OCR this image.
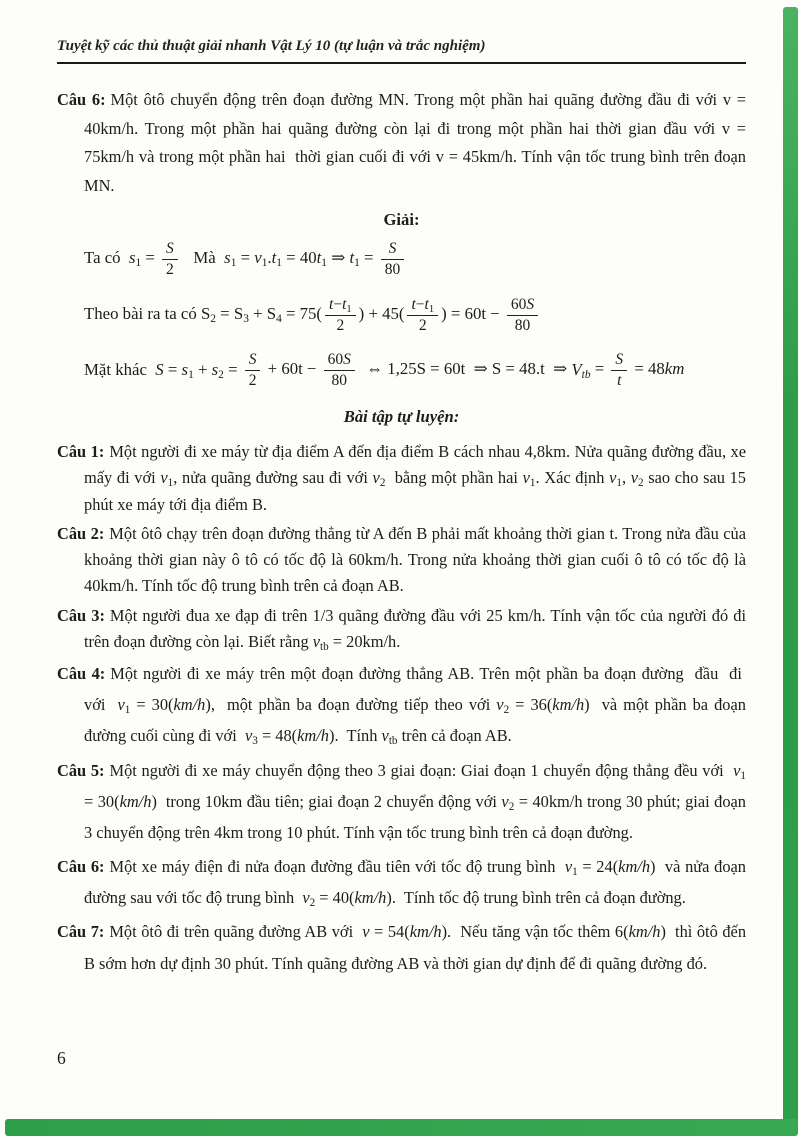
Tuyệt kỹ các thủ thuật giải nhanh Vật Lý 10 (tự luận và trắc nghiệm)

Câu 6: Một ôtô chuyển động trên đoạn đường MN. Trong một phần hai quãng đường đầu đi với v = 40km/h. Trong một phần hai quãng đường còn lại đi trong một phần hai thời gian đầu với v = 75km/h và trong một phần hai  thời gian cuối đi với v = 45km/h. Tính vận tốc trung bình trên đoạn MN.

Giải:
Ta có  $s_1 = \frac{S}{2}$ Mà  $s_1 = v_1.t_1 = 40t_1$ ⇒ $t_1 = \frac{S}{80}$
Theo bài ra ta có $S_2 = S_3 + S_4 = 75( \frac{t-t_1}{2}$ ) + $45( \frac{t-t_1}{2}$ ) = $60t - \frac{60S}{80}$
Mặt khác  $S = s_1 + s_2 = \frac{S}{2} + 60t - \frac{60S}{80}$ ⇔ 1,25S = 60t  ⇒ S = 48.t  ⇒ $V_{tb} = \frac{S}{t} = 48km$
Bài tập tự luyện:

Câu 1: Một người đi xe máy từ địa điểm A đến địa điểm B cách nhau 4,8km. Nửa quãng đường đầu, xe mấy đi với $v_1$, nửa quãng đường sau đi với $v_2$  bằng một phần hai $v_1$. Xác định $v_1$, $v_2$ sao cho sau 15 phút xe máy tới địa điểm B.

Câu 2: Một ôtô chạy trên đoạn đường thẳng từ A đến B phải mất khoảng thời gian t. Trong nửa đầu của khoảng thời gian này ô tô có tốc độ là 60km/h. Trong nửa khoảng thời gian cuối ô tô có tốc độ là 40km/h. Tính tốc độ trung bình trên cả đoạn AB.

Câu 3: Một người đua xe đạp đi trên 1/3 quãng đường đầu với 25 km/h. Tính vận tốc của người đó đi trên đoạn đường còn lại. Biết rằng $v_{tb} = 20km/h$.

Câu 4: Một người đi xe máy trên một đoạn đường thẳng AB. Trên một phần ba đoạn đường  đầu  đi  với  $v_1 = 30(km/h)$,  một phần ba đoạn đường tiếp theo với $v_2 = 36(km/h)$  và một phần ba đoạn đường cuối cùng đi với  $v_3 = 48(km/h)$.  Tính $v_{tb}$ trên cả đoạn AB.

Câu 5: Một người đi xe máy chuyển động theo 3 giai đoạn: Giai đoạn 1 chuyển động thẳng đều với  $v_1 = 30(km/h)$  trong 10km đầu tiên; giai đoạn 2 chuyển động với $v_2 = 40km/h$ trong 30 phút; giai đoạn 3 chuyển động trên 4km trong 10 phút. Tính vận tốc trung bình trên cả đoạn đường.

Câu 6: Một xe máy điện đi nửa đoạn đường đầu tiên với tốc độ trung bình  $v_1 = 24(km/h)$  và nửa đoạn đường sau với tốc độ trung bình  $v_2 = 40(km/h)$.  Tính tốc độ trung bình trên cả đoạn đường.

Câu 7: Một ôtô đi trên quãng đường AB với  v = 54(km/h).  Nếu tăng vận tốc thêm 6(km/h)  thì ôtô đến B sớm hơn dự định 30 phút. Tính quãng đường AB và thời gian dự định để đi quãng đường đó.

6
